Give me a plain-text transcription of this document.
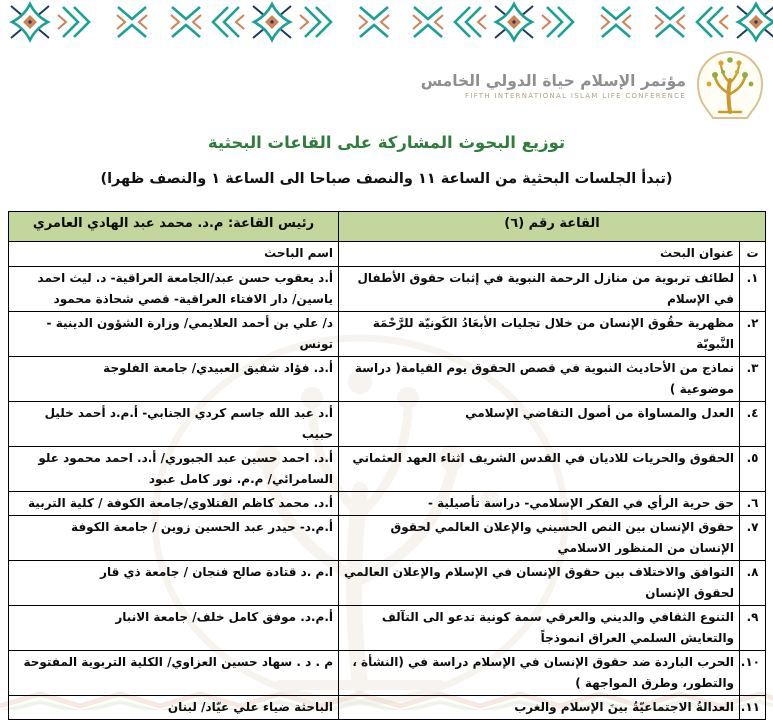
مؤتمر الإسلام حياة الدولي الخامس
FIFTH INTERNATIONAL ISLAM LIFE CONFERENCE
توزيع البحوث المشاركة على القاعات البحثية
(تبدأ الجلسات البحثية من الساعة ١١ والنصف صباحا الى الساعة ١ والنصف ظهرا)
القاعة رقم (٦)		رئيس القاعة: م.د. محمد عبد الهادي العامري
ت	عنوان البحث	اسم الباحث
١.	لطائف تربوية من منازل الرحمة النبوية في إثبات حقوق الأطفال في الإسلام	أ.د يعقوب حسن عبد/الجامعة العراقية- د. ليث احمد ياسين/ دار الافتاء العراقية- قصي شحاذة محمود
٢.	مظهرية حقُوق الإنسان من خلال تجليات الأبعَادُ الكَونيّة للرَّحْمَة النَّبويّة	د/ علي بن أحمد العلايمي/ وزارة الشؤون الدينية - تونس
٣.	نماذج من الأحاديث النبوية في قصص الحقوق يوم القيامة( دراسة موضوعية )	أ.د. فؤاد شفيق العبيدي/ جامعة الفلوجة
٤.	العدل والمساواة من أصول التقاضي الإسلامي	أ.د عبد الله جاسم كردي الجنابي- أ.م.د أحمد خليل حبيب
٥.	الحقوق والحريات للاديان في القدس الشريف اثناء العهد العثماني	أ.د. احمد حسين عبد الجبوري/ أ.د. احمد محمود علو السامرائي/ م.م. نور كامل عبود
٦.	حق حرية الرأي في الفكر الإسلامي- دراسة تأصيلية -	أ.د. محمد كاظم الفتلاوي/جامعة الكوفة / كلية التربية
٧.	حقوق الإنسان بين النص الحسيني والإعلان العالمي لحقوق الإنسان من المنظور الاسلامي	أ.م.د- حيدر عبد الحسين زوين / جامعة الكوفة
٨.	التوافق والاختلاف بين حقوق الإنسان في الإسلام والإعلان العالمي لحقوق الإنسان	ا.م .د قتادة صالح فنجان / جامعة ذي قار
٩.	التنوع الثقافي والديني والعرقي سمة كونية تدعو الى التآلف والتعايش السلمي العراق انموذجاً	أ.م.د. موفق كامل خلف/ جامعة الانبار
١٠.	الحرب الباردة ضد حقوق الإنسان في الإسلام دراسة في (النشأة ، والتطور، وطرق المواجهة )	م . د . سهاد حسين العزاوي/ الكلية التربوية المفتوحة
١١.	العدالةُ الاجتماعيّةُ بينَ الإسلام والغرب	الباحثة ضياء علي عيّاد/ لبنان
